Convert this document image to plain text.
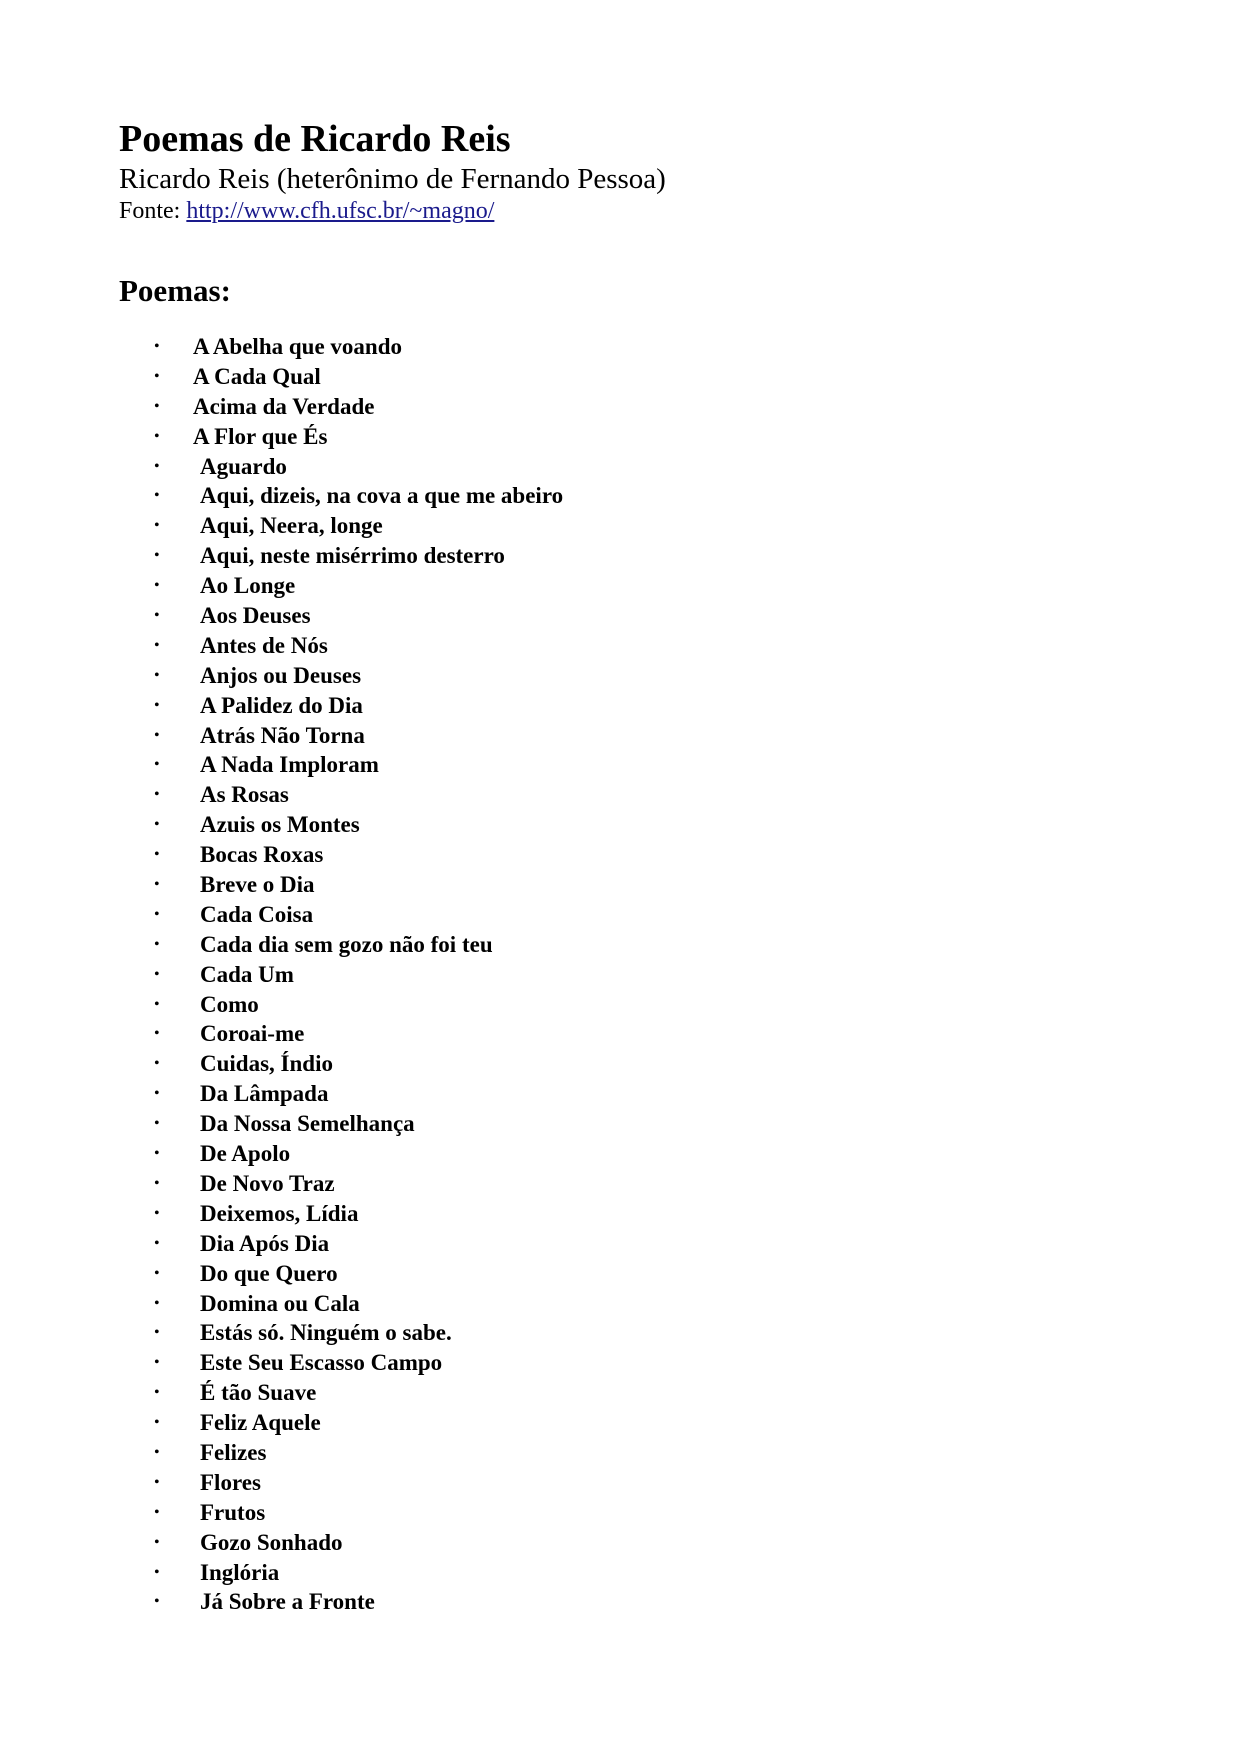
Poemas de Ricardo Reis

Ricardo Reis (heterônimo de Fernando Pessoa)

Fonte: http://www.cfh.ufsc.br/~magno/

Poemas:
• A Abelha que voando
• A Cada Qual
• Acima da Verdade
• A Flor que És
• Aguardo
• Aqui, dizeis, na cova a que me abeiro
• Aqui, Neera, longe
• Aqui, neste misérrimo desterro
• Ao Longe
• Aos Deuses
• Antes de Nós
• Anjos ou Deuses
• A Palidez do Dia
• Atrás Não Torna
• A Nada Imploram
• As Rosas
• Azuis os Montes
• Bocas Roxas
• Breve o Dia
• Cada Coisa
• Cada dia sem gozo não foi teu
• Cada Um
• Como
• Coroai-me
• Cuidas, Índio
• Da Lâmpada
• Da Nossa Semelhança
• De Apolo
• De Novo Traz
• Deixemos, Lídia
• Dia Após Dia
• Do que Quero
• Domina ou Cala
• Estás só. Ninguém o sabe.
• Este Seu Escasso Campo
• É tão Suave
• Feliz Aquele
• Felizes
• Flores
• Frutos
• Gozo Sonhado
• Inglória
• Já Sobre a Fronte
